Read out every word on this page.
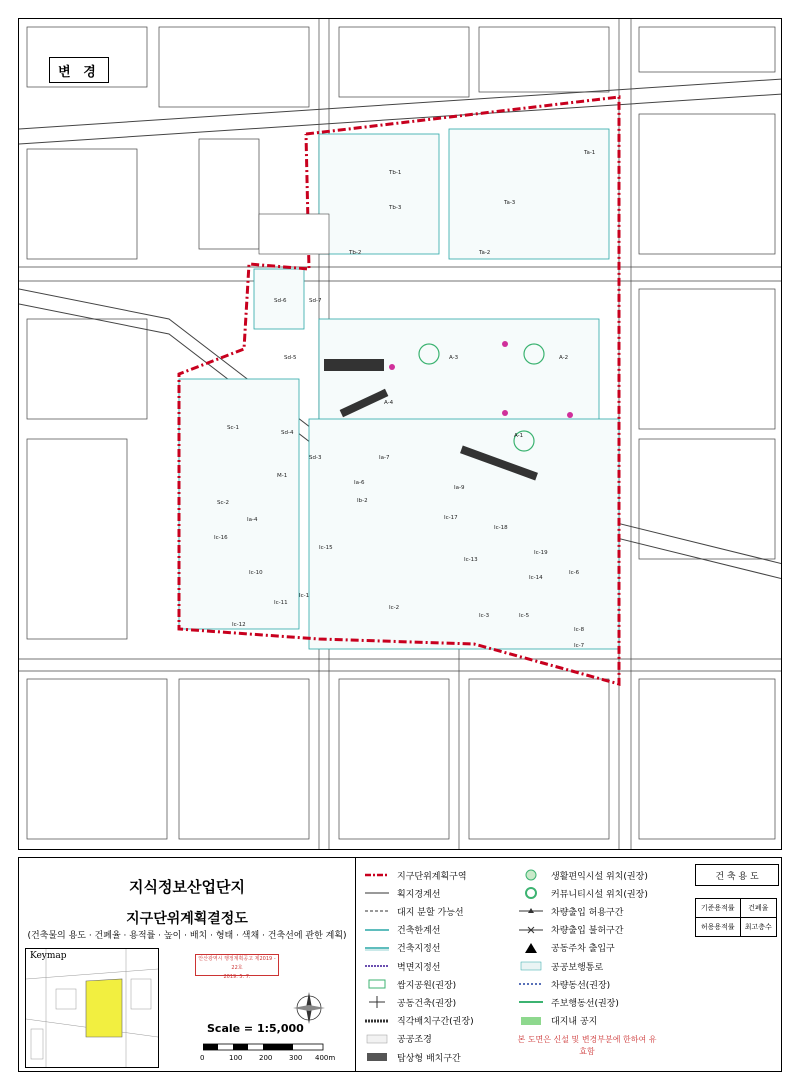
Ta-1
Ta-2
Ta-3
Tb-1
Tb-2
Tb-3
Sd-6	Sd-7
Sd-5
Sc-1
Sd-4
Sd-3
Sc-2
M-1
A-1
A-2
A-3
A-4
Ia-4
Ia-6
Ia-7
Ia-9
Ib-2
Ic-1
Ic-2
Ic-3
Ic-6
Ic-7
Ic-8
Ic-10
Ic-11
Ic-12
Ic-13
Ic-14
Ic-15
Ic-16
Ic-17
Ic-18
Ic-19
Ic-5
변 경
지식정보산업단지
지구단위계획결정도
(건축물의 용도 · 건폐율 · 용적률 · 높이 · 배치 · 형태 · 색채 · 건축선에 관한 계획)
Keymap	안산광역시 행정계획공고 제2019 - 22호
2019. 5. 7.
Scale = 1:5,000
0	100 200 300 400m
지구단위계획구역
획지경계선
대지 분할 가능선
건축한계선
건축지정선
벽면지정선
쌈지공원(권장)
공동건축(권장)
직각배치구간(권장)
공공조경
탑상형 배치구간
생활편익시설 위치(권장)
커뮤니티시설 위치(권장)
차량출입 허용구간
차량출입 불허구간
공동주차 출입구
공공보행통로
차량동선(권장)
주보행동선(권장)
대지내 공지
건 축 용 도
기준용적률	건폐율
허용용적률	최고층수
본 도면은 신설 및 변경부분에 한하여 유효함
